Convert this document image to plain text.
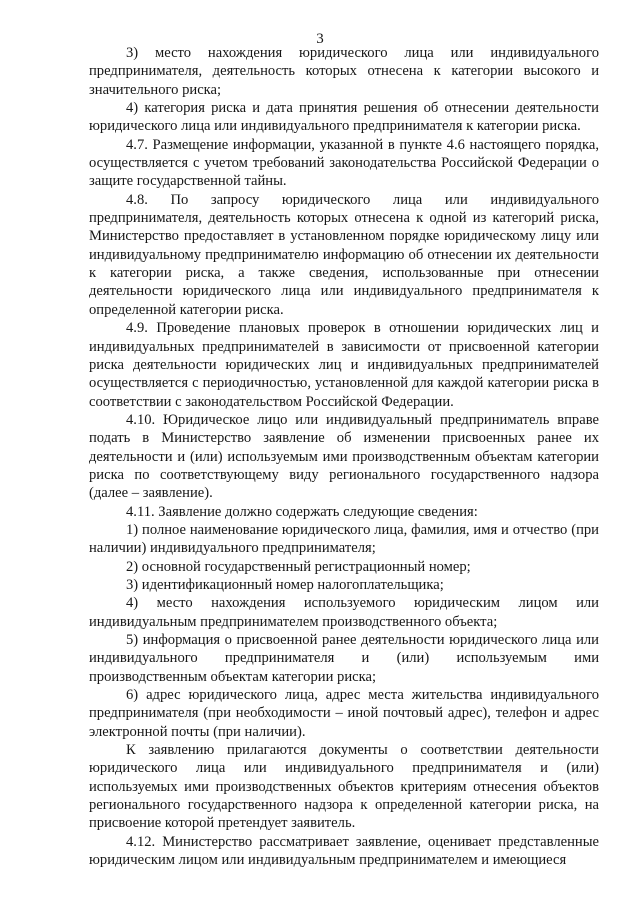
3

3) место нахождения юридического лица или индивидуального предпринимателя, деятельность которых отнесена к категории высокого и значительного риска;

4) категория риска и дата принятия решения об отнесении деятельности юридического лица или индивидуального предпринимателя к категории риска.

4.7. Размещение информации, указанной в пункте 4.6 настоящего порядка, осуществляется с учетом требований законодательства Российской Федерации о защите государственной тайны.

4.8. По запросу юридического лица или индивидуального предпринимателя, деятельность которых отнесена к одной из категорий риска, Министерство предоставляет в установленном порядке юридическому лицу или индивидуальному предпринимателю информацию об отнесении их деятельности к категории риска, а также сведения, использованные при отнесении деятельности юридического лица или индивидуального предпринимателя к определенной категории риска.

4.9. Проведение плановых проверок в отношении юридических лиц и индивидуальных предпринимателей в зависимости от присвоенной категории риска деятельности юридических лиц и индивидуальных предпринимателей осуществляется с периодичностью, установленной для каждой категории риска в соответствии с законодательством Российской Федерации.

4.10. Юридическое лицо или индивидуальный предприниматель вправе подать в Министерство заявление об изменении присвоенных ранее их деятельности и (или) используемым ими производственным объектам категории риска по соответствующему виду регионального государственного надзора (далее – заявление).

4.11. Заявление должно содержать следующие сведения:

1) полное наименование юридического лица, фамилия, имя и отчество (при наличии) индивидуального предпринимателя;

2) основной государственный регистрационный номер;

3) идентификационный номер налогоплательщика;

4) место нахождения используемого юридическим лицом или индивидуальным предпринимателем производственного объекта;

5) информация о присвоенной ранее деятельности юридического лица или индивидуального предпринимателя и (или) используемым ими производственным объектам категории риска;

6) адрес юридического лица, адрес места жительства индивидуального предпринимателя (при необходимости – иной почтовый адрес), телефон и адрес электронной почты (при наличии).

К заявлению прилагаются документы о соответствии деятельности юридического лица или индивидуального предпринимателя и (или) используемых ими производственных объектов критериям отнесения объектов регионального государственного надзора к определенной категории риска, на присвоение которой претендует заявитель.

4.12. Министерство рассматривает заявление, оценивает представленные юридическим лицом или индивидуальным предпринимателем и имеющиеся
